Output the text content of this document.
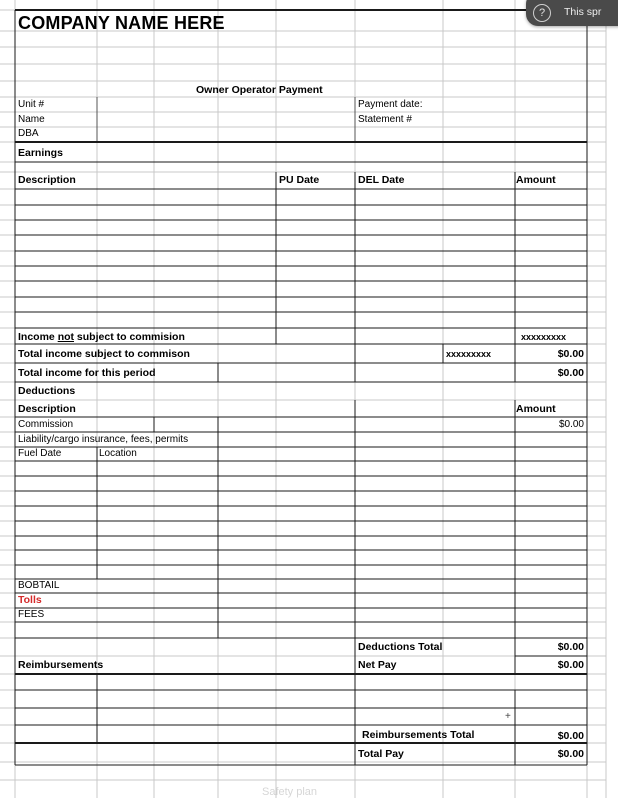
Safety plan
COMPANY NAME HERE
Owner Operator Payment
Unit #
Name
DBA
Payment date:
Statement #
Earnings
Description	PU Date	DEL Date	Amount
Income not subject to commision	xxxxxxxxx
Total income subject to commison	xxxxxxxxx	$0.00
Total income for this period	$0.00
Deductions
Description	Amount
Commission	$0.00
Liability/cargo insurance, fees, permits
Fuel Date	Location
BOBTAIL
Tolls
FEES
Deductions Total	$0.00
Net Pay	$0.00
Reimbursements
+
Reimbursements Total	$0.00
Total Pay	$0.00
?	This spr
